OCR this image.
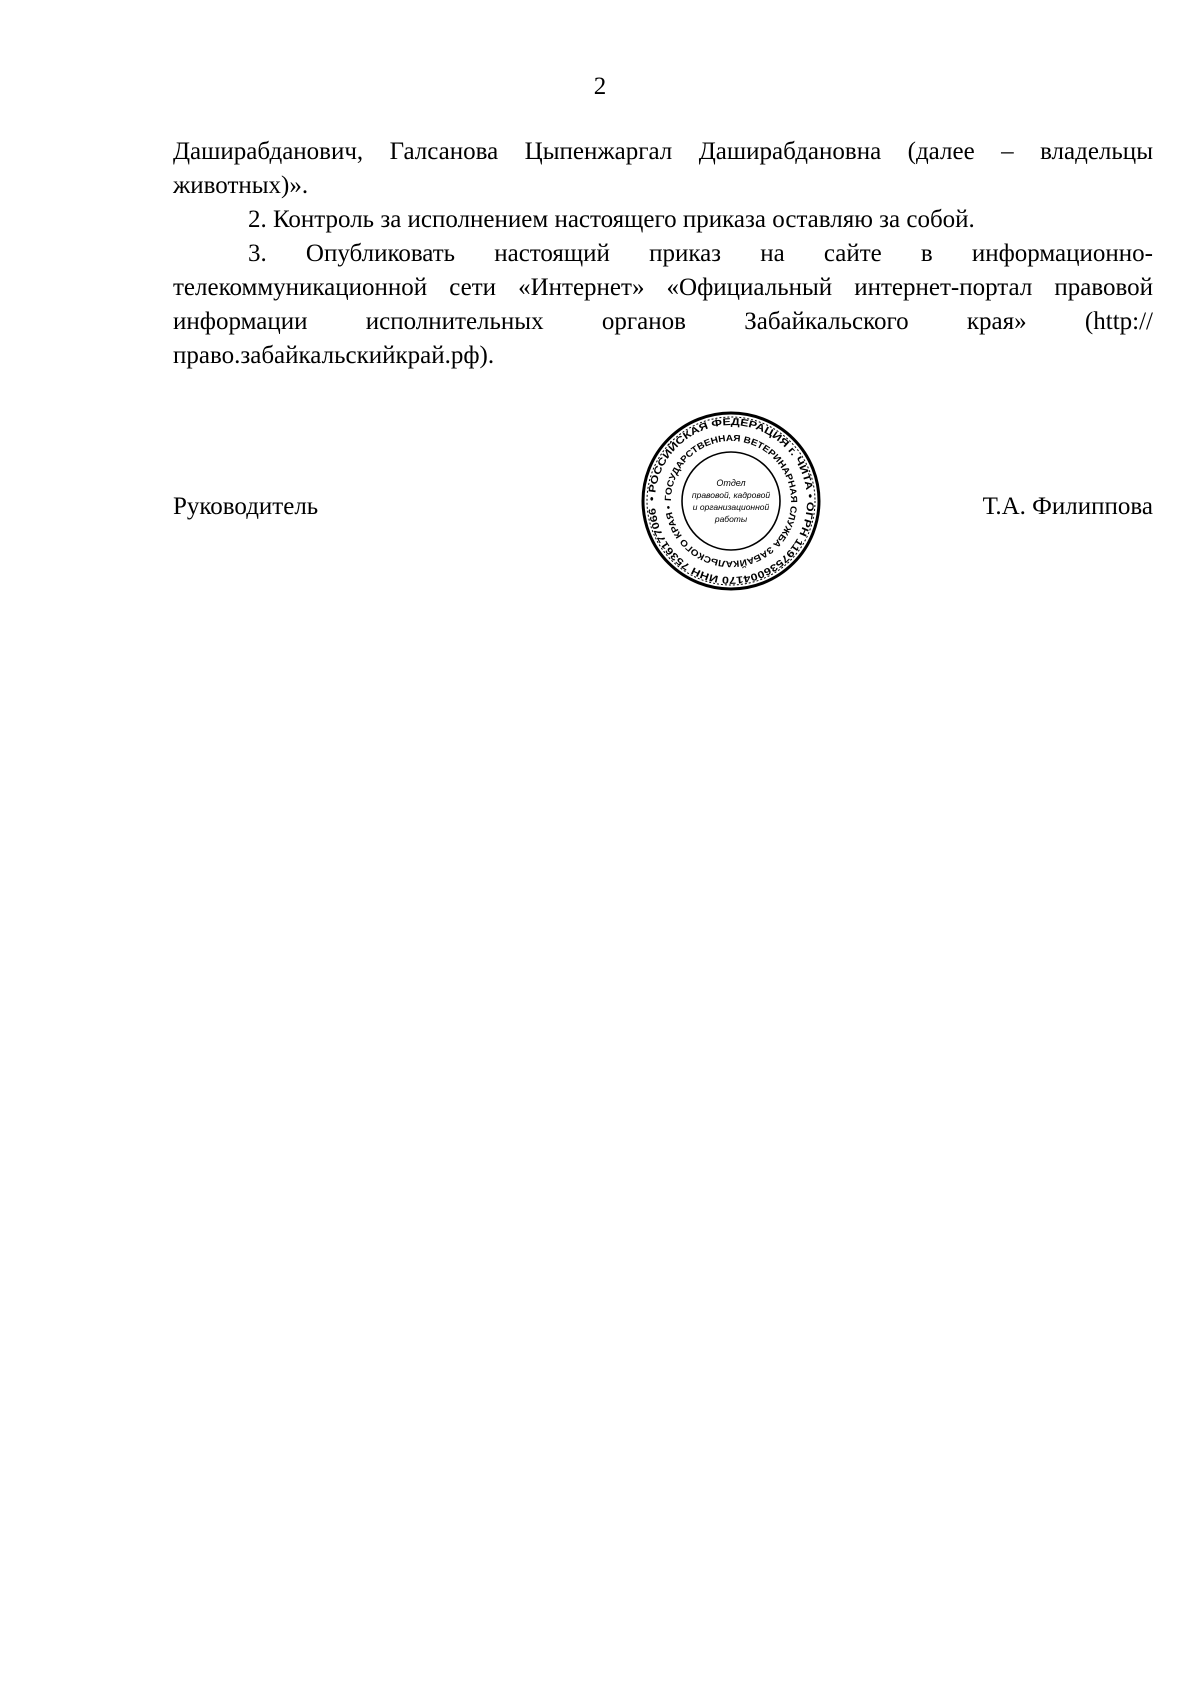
2

Даширабданович, Галсанова Цыпенжаргал Даширабдановна (далее – владельцы животных)».

2. Контроль за исполнением настоящего приказа оставляю за собой.

3. Опубликовать настоящий приказ на сайте в информационно-телекоммуникационной сети «Интернет» «Официальный интернет-портал правовой информации исполнительных органов Забайкальского края» (http://право.забайкальскийкрай.рф).

Руководитель	Т.А. Филиппова
• РОССИЙСКАЯ ФЕДЕРАЦИЯ г. ЧИТА • ОГРН 1197536004170 ИНН 7536177066
ГОСУДАРСТВЕННАЯ ВЕТЕРИНАРНАЯ СЛУЖБА ЗАБАЙКАЛЬСКОГО КРАЯ •
Отдел
правовой, кадровой
и организационной
работы
